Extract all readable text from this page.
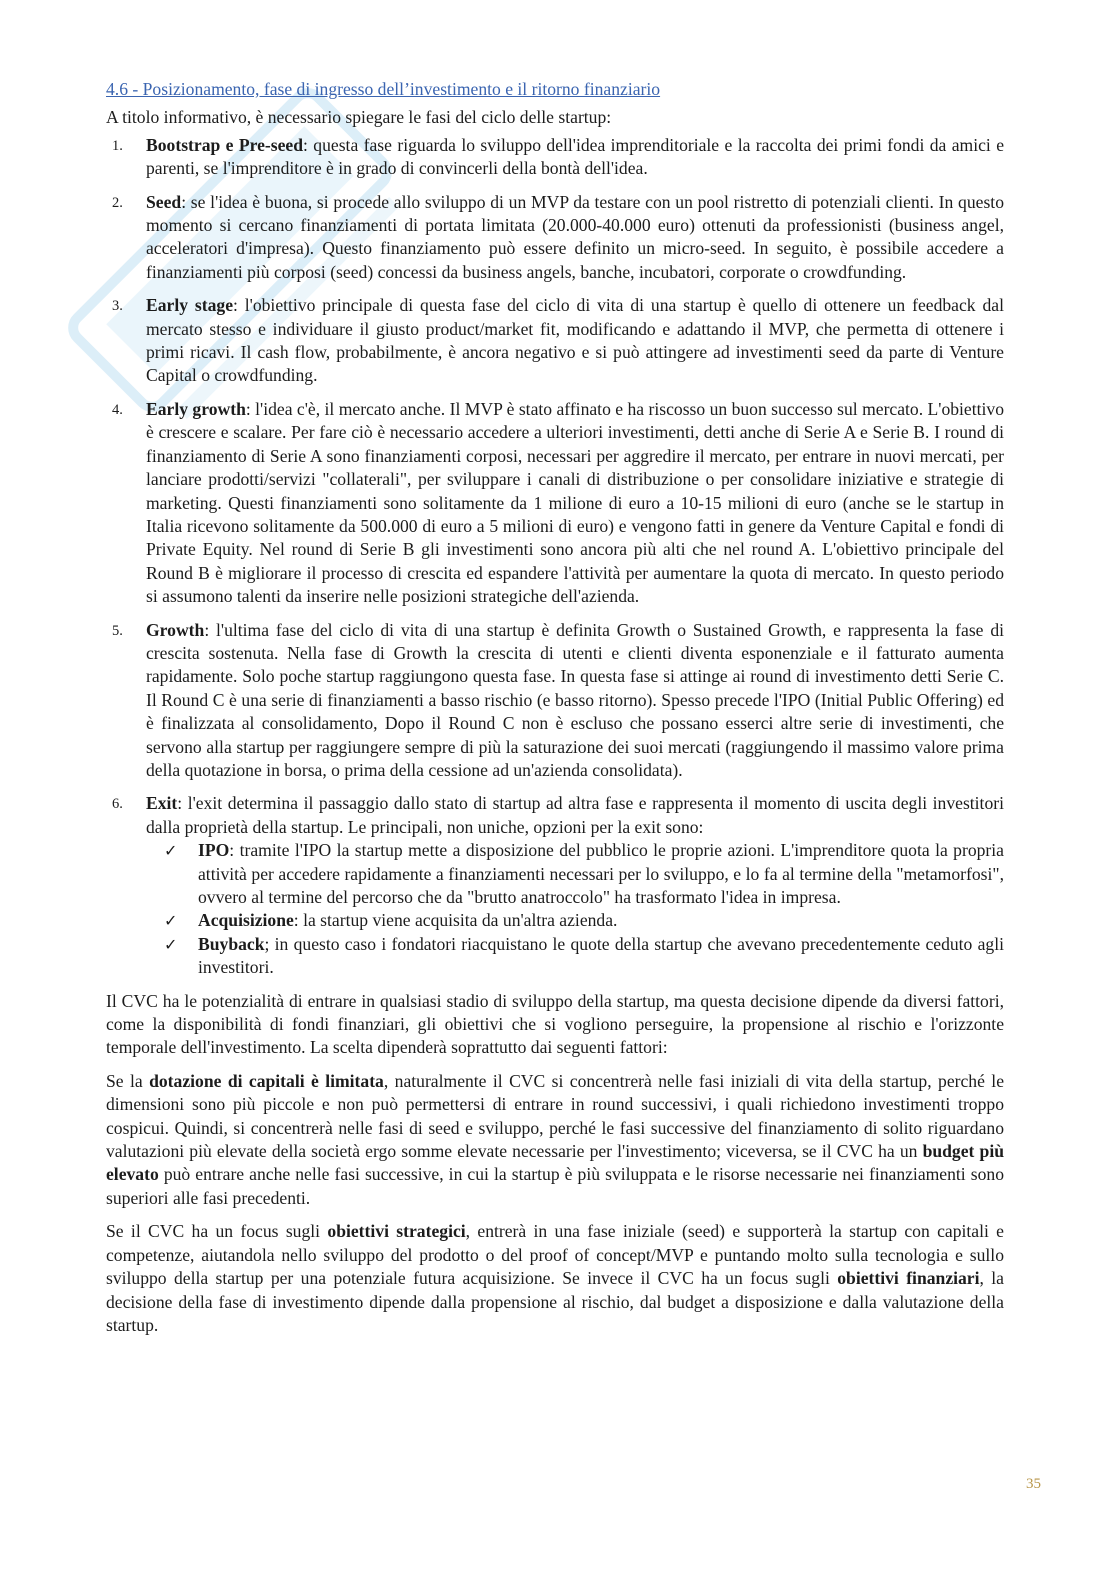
4.6 - Posizionamento, fase di ingresso dell’investimento e il ritorno finanziario

A titolo informativo, è necessario spiegare le fasi del ciclo delle startup:

1. Bootstrap e Pre-seed: questa fase riguarda lo sviluppo dell'idea imprenditoriale e la raccolta dei primi fondi da amici e parenti, se l'imprenditore è in grado di convincerli della bontà dell'idea.
2. Seed: se l'idea è buona, si procede allo sviluppo di un MVP da testare con un pool ristretto di potenziali clienti. In questo momento si cercano finanziamenti di portata limitata (20.000-40.000 euro) ottenuti da professionisti (business angel, acceleratori d'impresa). Questo finanziamento può essere definito un micro-seed. In seguito, è possibile accedere a finanziamenti più corposi (seed) concessi da business angels, banche, incubatori, corporate o crowdfunding.
3. Early stage: l'obiettivo principale di questa fase del ciclo di vita di una startup è quello di ottenere un feedback dal mercato stesso e individuare il giusto product/market fit, modificando e adattando il MVP, che permetta di ottenere i primi ricavi. Il cash flow, probabilmente, è ancora negativo e si può attingere ad investimenti seed da parte di Venture Capital o crowdfunding.
4. Early growth: l'idea c'è, il mercato anche. Il MVP è stato affinato e ha riscosso un buon successo sul mercato. L'obiettivo è crescere e scalare. Per fare ciò è necessario accedere a ulteriori investimenti, detti anche di Serie A e Serie B. I round di finanziamento di Serie A sono finanziamenti corposi, necessari per aggredire il mercato, per entrare in nuovi mercati, per lanciare prodotti/servizi "collaterali", per sviluppare i canali di distribuzione o per consolidare iniziative e strategie di marketing. Questi finanziamenti sono solitamente da 1 milione di euro a 10-15 milioni di euro (anche se le startup in Italia ricevono solitamente da 500.000 di euro a 5 milioni di euro) e vengono fatti in genere da Venture Capital e fondi di Private Equity. Nel round di Serie B gli investimenti sono ancora più alti che nel round A. L'obiettivo principale del Round B è migliorare il processo di crescita ed espandere l'attività per aumentare la quota di mercato. In questo periodo si assumono talenti da inserire nelle posizioni strategiche dell'azienda.
5. Growth: l'ultima fase del ciclo di vita di una startup è definita Growth o Sustained Growth, e rappresenta la fase di crescita sostenuta. Nella fase di Growth la crescita di utenti e clienti diventa esponenziale e il fatturato aumenta rapidamente. Solo poche startup raggiungono questa fase. In questa fase si attinge ai round di investimento detti Serie C. Il Round C è una serie di finanziamenti a basso rischio (e basso ritorno). Spesso precede l'IPO (Initial Public Offering) ed è finalizzata al consolidamento, Dopo il Round C non è escluso che possano esserci altre serie di investimenti, che servono alla startup per raggiungere sempre di più la saturazione dei suoi mercati (raggiungendo il massimo valore prima della quotazione in borsa, o prima della cessione ad un'azienda consolidata).
6. Exit: l'exit determina il passaggio dallo stato di startup ad altra fase e rappresenta il momento di uscita degli investitori dalla proprietà della startup. Le principali, non uniche, opzioni per la exit sono:
✓ IPO: tramite l'IPO la startup mette a disposizione del pubblico le proprie azioni. L'imprenditore quota la propria attività per accedere rapidamente a finanziamenti necessari per lo sviluppo, e lo fa al termine della "metamorfosi", ovvero al termine del percorso che da "brutto anatroccolo" ha trasformato l'idea in impresa.
✓ Acquisizione: la startup viene acquisita da un'altra azienda.
✓ Buyback; in questo caso i fondatori riacquistano le quote della startup che avevano precedentemente ceduto agli investitori.

Il CVC ha le potenzialità di entrare in qualsiasi stadio di sviluppo della startup, ma questa decisione dipende da diversi fattori, come la disponibilità di fondi finanziari, gli obiettivi che si vogliono perseguire, la propensione al rischio e l'orizzonte temporale dell'investimento. La scelta dipenderà soprattutto dai seguenti fattori:

Se la dotazione di capitali è limitata, naturalmente il CVC si concentrerà nelle fasi iniziali di vita della startup, perché le dimensioni sono più piccole e non può permettersi di entrare in round successivi, i quali richiedono investimenti troppo cospicui. Quindi, si concentrerà nelle fasi di seed e sviluppo, perché le fasi successive del finanziamento di solito riguardano valutazioni più elevate della società ergo somme elevate necessarie per l'investimento; viceversa, se il CVC ha un budget più elevato può entrare anche nelle fasi successive, in cui la startup è più sviluppata e le risorse necessarie nei finanziamenti sono superiori alle fasi precedenti.

Se il CVC ha un focus sugli obiettivi strategici, entrerà in una fase iniziale (seed) e supporterà la startup con capitali e competenze, aiutandola nello sviluppo del prodotto o del proof of concept/MVP e puntando molto sulla tecnologia e sullo sviluppo della startup per una potenziale futura acquisizione. Se invece il CVC ha un focus sugli obiettivi finanziari, la decisione della fase di investimento dipende dalla propensione al rischio, dal budget a disposizione e dalla valutazione della startup.

35
